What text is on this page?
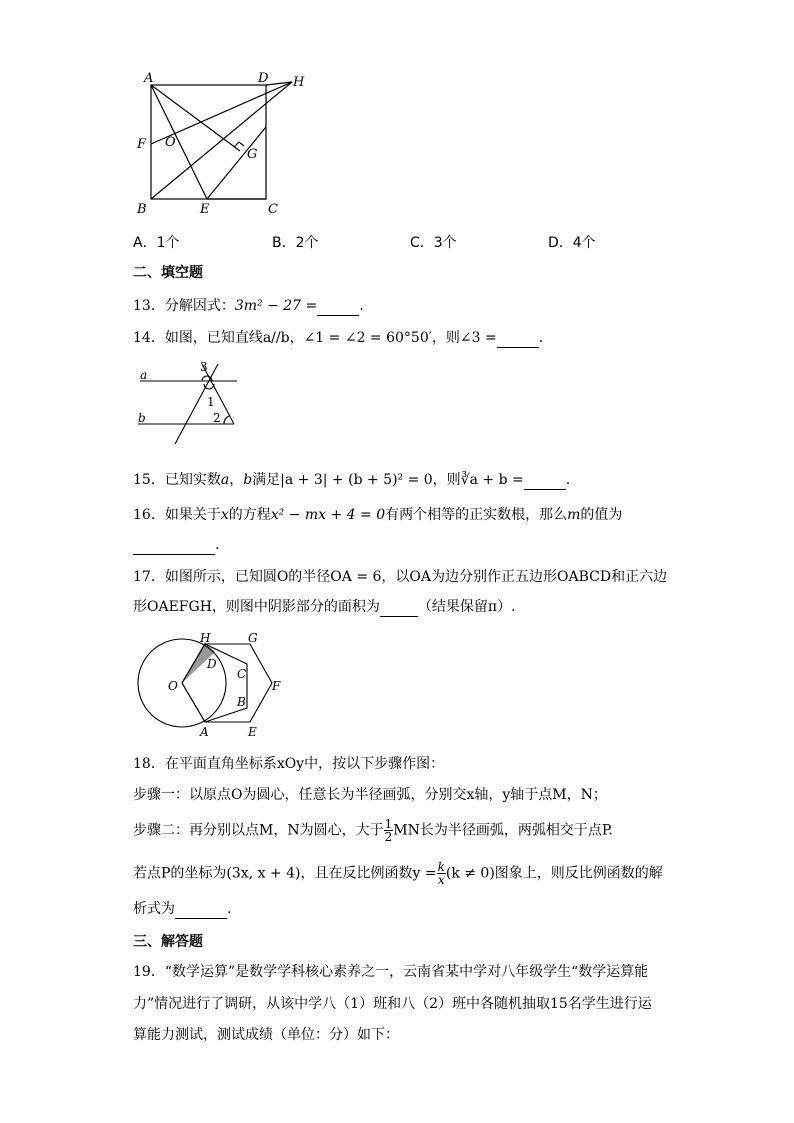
A	D H
F O
G
B	E	C
A．1个	B．2个	C．3个	D．4个
二、填空题
13．分解因式：3m² − 27 =	.
14．如图，已知直线a//b，∠1 = ∠2 = 60°50′，则∠3 =	.
3
a
1
b	2
15．已知实数a，b满足|a + 3| + (b + 5)² = 0，则∛a + b =	.
16．如果关于x的方程x² − mx + 4 = 0有两个相等的正实数根，那么m的值为
.
17．如图所示，已知圆O的半径OA = 6，以OA为边分别作正五边形OABCD和正六边
形OAEFGH，则图中阴影部分的面积为	（结果保留π）.
H	G
D
C
F
O
B
A	E
18．在平面直角坐标系xOy中，按以下步骤作图：
步骤一：以原点O为圆心，任意长为半径画弧，分别交x轴，y轴于点M，N；
步骤二：再分别以点M，N为圆心，大于 $\frac{1}{2}$ MN长为半径画弧，两弧相交于点P.
若点P的坐标为(3x, x + 4)，且在反比例函数$y = \frac{k}{x} (k \ne 0)$图象上，则反比例函数的解
析式为	.
三、解答题
19．“数学运算”是数学学科核心素养之一，云南省某中学对八年级学生“数学运算能
力”情况进行了调研，从该中学八（1）班和八（2）班中各随机抽取15名学生进行运
算能力测试，测试成绩（单位：分）如下：
